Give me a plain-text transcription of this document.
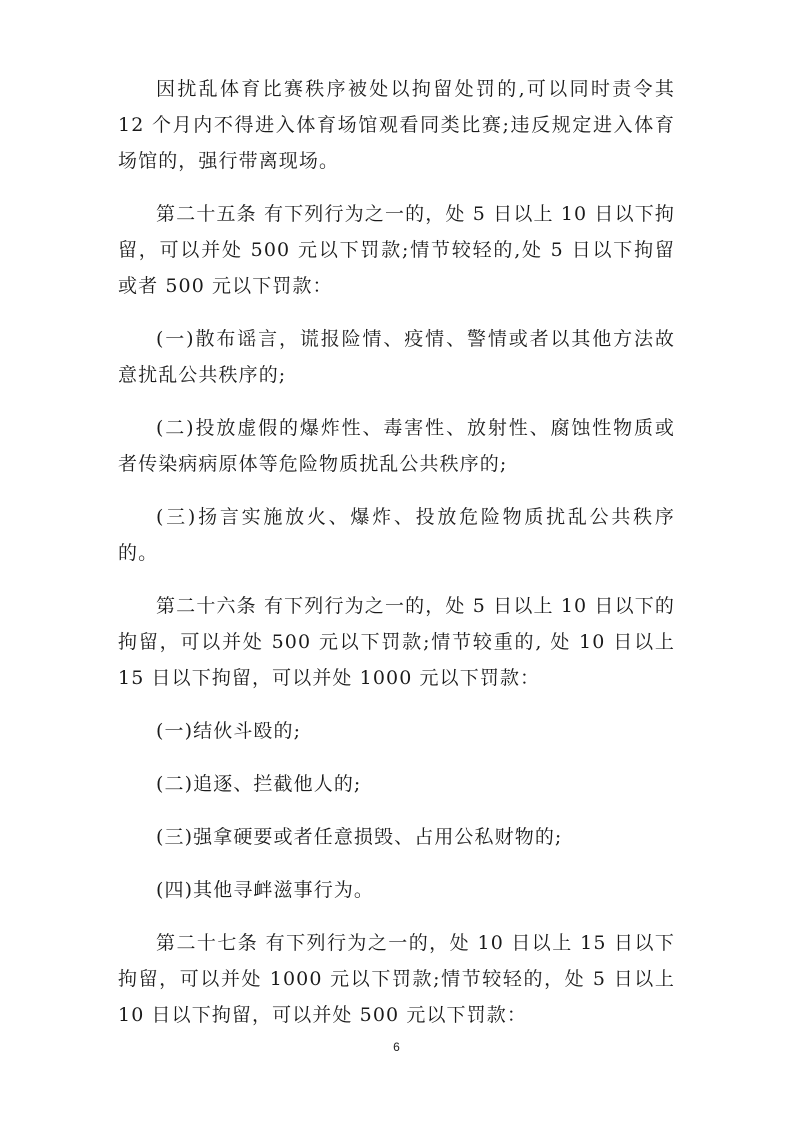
因扰乱体育比赛秩序被处以拘留处罚的,可以同时责令其 12 个月内不得进入体育场馆观看同类比赛;违反规定进入体育场馆的，强行带离现场。

第二十五条 有下列行为之一的，处 5 日以上 10 日以下拘留，可以并处 500 元以下罚款;情节较轻的,处 5 日以下拘留或者 500 元以下罚款：

(一)散布谣言，谎报险情、疫情、警情或者以其他方法故意扰乱公共秩序的;

(二)投放虚假的爆炸性、毒害性、放射性、腐蚀性物质或者传染病病原体等危险物质扰乱公共秩序的;

(三)扬言实施放火、爆炸、投放危险物质扰乱公共秩序的。

第二十六条 有下列行为之一的，处 5 日以上 10 日以下的拘留，可以并处 500 元以下罚款;情节较重的, 处 10 日以上 15 日以下拘留，可以并处 1000 元以下罚款：

(一)结伙斗殴的;

(二)追逐、拦截他人的;

(三)强拿硬要或者任意损毁、占用公私财物的;

(四)其他寻衅滋事行为。

第二十七条 有下列行为之一的，处 10 日以上 15 日以下拘留，可以并处 1000 元以下罚款;情节较轻的，处 5 日以上 10 日以下拘留，可以并处 500 元以下罚款：

6
